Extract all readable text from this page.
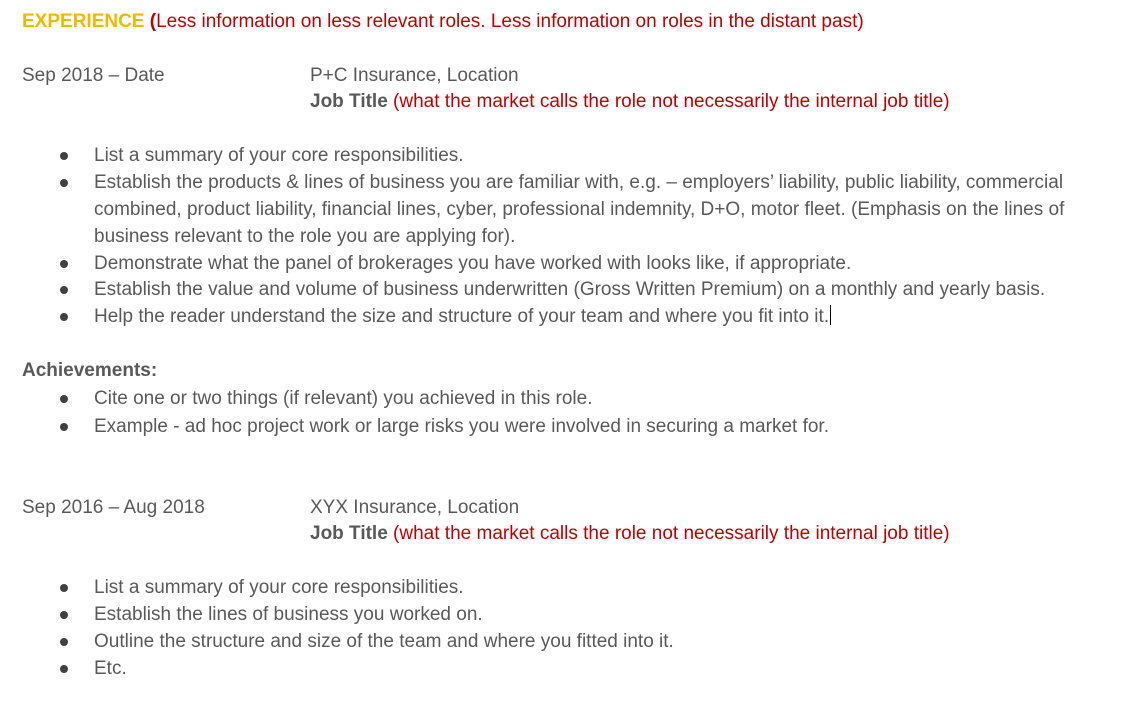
EXPERIENCE (Less information on less relevant roles. Less information on roles in the distant past)
Sep 2018 – Date	P+C Insurance, Location
Job Title (what the market calls the role not necessarily the internal job title)
List a summary of your core responsibilities.
Establish the products & lines of business you are familiar with, e.g. – employers’ liability, public liability, commercial
combined, product liability, financial lines, cyber, professional indemnity, D+O, motor fleet. (Emphasis on the lines of
business relevant to the role you are applying for).
Demonstrate what the panel of brokerages you have worked with looks like, if appropriate.
Establish the value and volume of business underwritten (Gross Written Premium) on a monthly and yearly basis.
Help the reader understand the size and structure of your team and where you fit into it.
Achievements:
Cite one or two things (if relevant) you achieved in this role.
Example - ad hoc project work or large risks you were involved in securing a market for.
Sep 2016 – Aug 2018	XYX Insurance, Location
Job Title (what the market calls the role not necessarily the internal job title)
List a summary of your core responsibilities.
Establish the lines of business you worked on.
Outline the structure and size of the team and where you fitted into it.
Etc.
